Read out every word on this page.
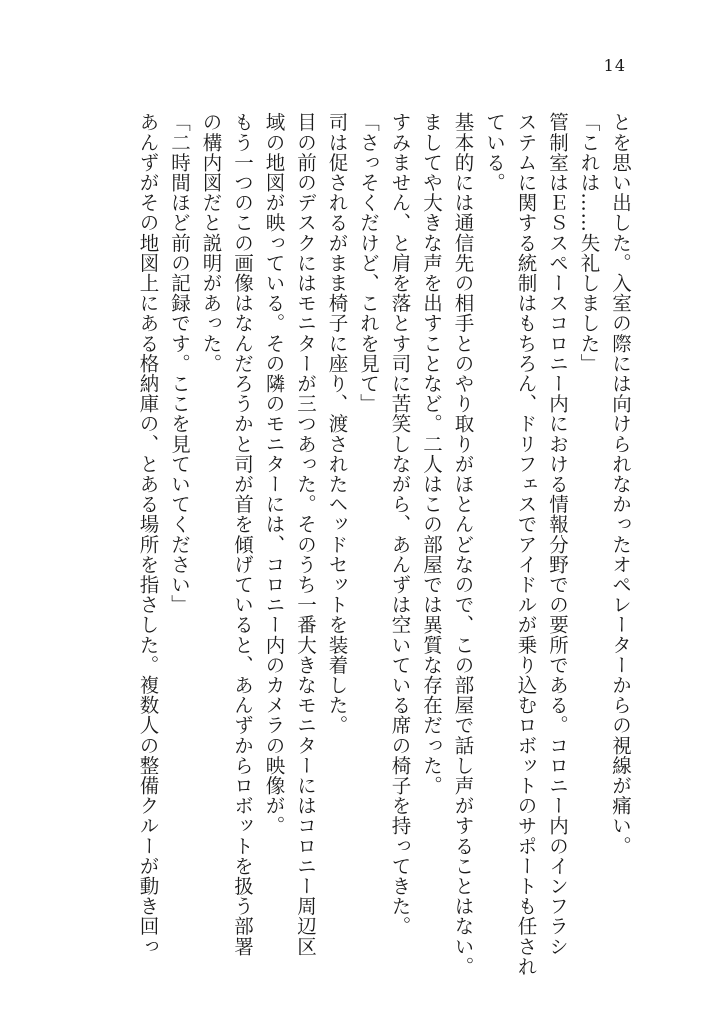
14
とを思い出した。入室の際には向けられなかったオペレーターからの視線が痛い。
「これは……失礼しました」
管制室はＥＳスペースコロニー内における情報分野での要所である。コロニー内のインフラシ
ステムに関する統制はもちろん、ドリフェスでアイドルが乗り込むロボットのサポートも任され
ている。
基本的には通信先の相手とのやり取りがほとんどなので、この部屋で話し声がすることはない。
ましてや大きな声を出すことなど。二人はこの部屋では異質な存在だった。
すみません、と肩を落とす司に苦笑しながら、あんずは空いている席の椅子を持ってきた。
「さっそくだけど、これを見て」
司は促されるがまま椅子に座り、渡されたヘッドセットを装着した。
目の前のデスクにはモニターが三つあった。そのうち一番大きなモニターにはコロニー周辺区
域の地図が映っている。その隣のモニターには、コロニー内のカメラの映像が。
もう一つのこの画像はなんだろうかと司が首を傾げていると、あんずからロボットを扱う部署
の構内図だと説明があった。
「二時間ほど前の記録です。ここを見ていてください」
あんずがその地図上にある格納庫の、とある場所を指さした。複数人の整備クルーが動き回っ
